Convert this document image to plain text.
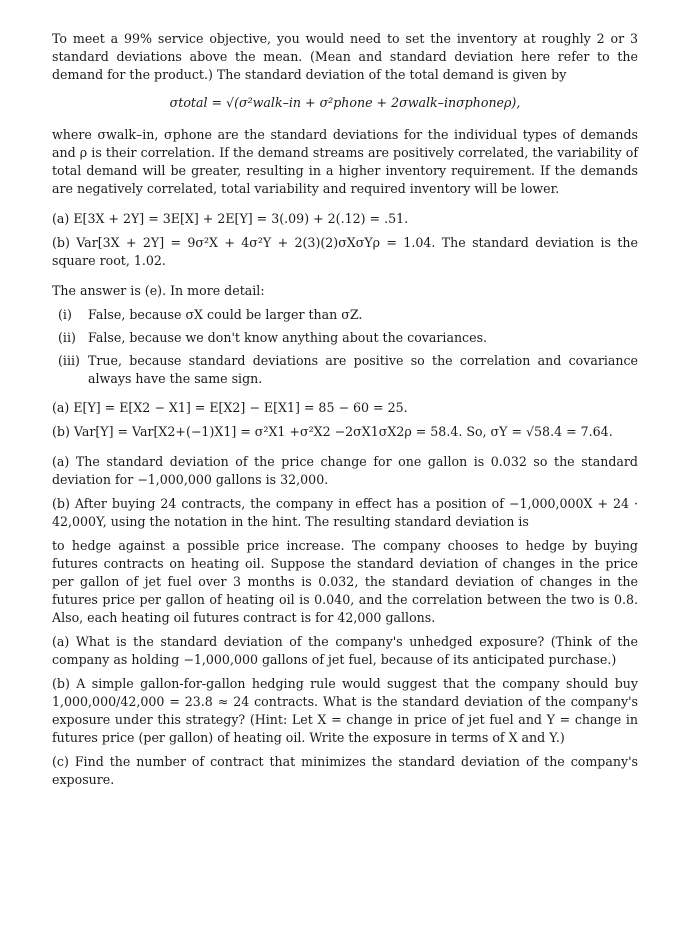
To meet a 99% service objective, you would need to set the inventory at roughly 2 or 3 standard deviations above the mean. (Mean and standard deviation here refer to the demand for the product.) The standard deviation of the total demand is given by

σtotal = √(σ²walk–in + σ²phone + 2σwalk–inσphoneρ),

where σwalk–in, σphone are the standard deviations for the individual types of demands and ρ is their correlation. If the demand streams are positively correlated, the variability of total demand will be greater, resulting in a higher inventory requirement. If the demands are negatively correlated, total variability and required inventory will be lower.

(a) E[3X + 2Y] = 3E[X] + 2E[Y] = 3(.09) + 2(.12) = .51.

(b) Var[3X + 2Y] = 9σ²X + 4σ²Y + 2(3)(2)σXσYρ = 1.04. The standard deviation is the square root, 1.02.

The answer is (e). In more detail:

(i)	False, because σX could be larger than σZ.
(ii) False, because we don't know anything about the covariances.
(iii) True, because standard deviations are positive so the correlation and covariance always have the same sign.

(a) E[Y] = E[X2 − X1] = E[X2] − E[X1] = 85 − 60 = 25.

(b) Var[Y] = Var[X2+(−1)X1] = σ²X1 +σ²X2 −2σX1σX2ρ = 58.4. So, σY = √58.4 = 7.64.

(a) The standard deviation of the price change for one gallon is 0.032 so the standard deviation for −1,000,000 gallons is 32,000.

(b) After buying 24 contracts, the company in effect has a position of −1,000,000X + 24 · 42,000Y, using the notation in the hint. The resulting standard deviation is

to hedge against a possible price increase. The company chooses to hedge by buying futures contracts on heating oil. Suppose the standard deviation of changes in the price per gallon of jet fuel over 3 months is 0.032, the standard deviation of changes in the futures price per gallon of heating oil is 0.040, and the correlation between the two is 0.8. Also, each heating oil futures contract is for 42,000 gallons.

(a) What is the standard deviation of the company's unhedged exposure? (Think of the company as holding −1,000,000 gallons of jet fuel, because of its anticipated purchase.)

(b) A simple gallon-for-gallon hedging rule would suggest that the company should buy 1,000,000/42,000 = 23.8 ≈ 24 contracts. What is the standard deviation of the company's exposure under this strategy? (Hint: Let X = change in price of jet fuel and Y = change in futures price (per gallon) of heating oil. Write the exposure in terms of X and Y.)

(c) Find the number of contract that minimizes the standard deviation of the company's exposure.
